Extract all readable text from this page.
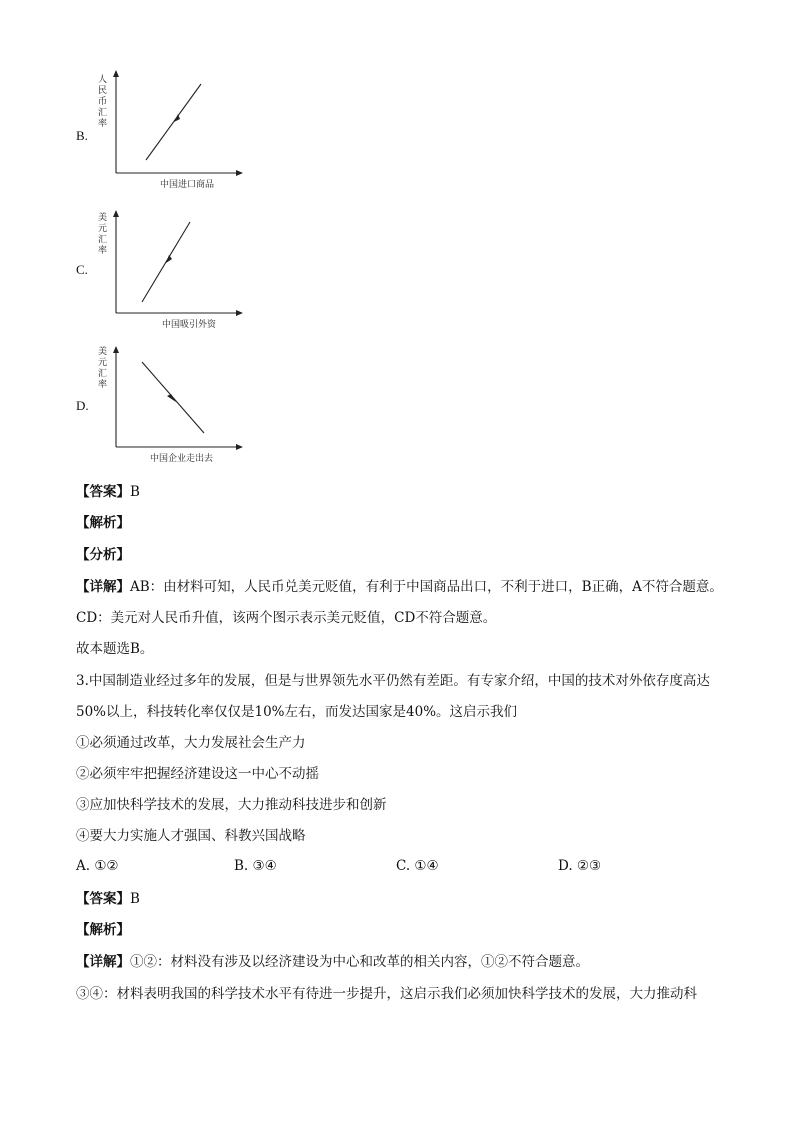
B.
人
民
币
汇
率
中国进口商品
C.
美
元
汇
率
中国吸引外资
D.
美
元
汇
率
中国企业走出去
【答案】B
【解析】
【分析】
【详解】AB：由材料可知，人民币兑美元贬值，有利于中国商品出口，不利于进口，B正确，A不符合题意。
CD：美元对人民币升值，该两个图示表示美元贬值，CD不符合题意。
故本题选B。
3.中国制造业经过多年的发展，但是与世界领先水平仍然有差距。有专家介绍，中国的技术对外依存度高达
50%以上，科技转化率仅仅是10%左右，而发达国家是40%。这启示我们
①必须通过改革，大力发展社会生产力
②必须牢牢把握经济建设这一中心不动摇
③应加快科学技术的发展，大力推动科技进步和创新
④要大力实施人才强国、科教兴国战略
A. ①②	B. ③④	C. ①④	D. ②③
【答案】B
【解析】
【详解】①②：材料没有涉及以经济建设为中心和改革的相关内容，①②不符合题意。
③④：材料表明我国的科学技术水平有待进一步提升，这启示我们必须加快科学技术的发展，大力推动科
